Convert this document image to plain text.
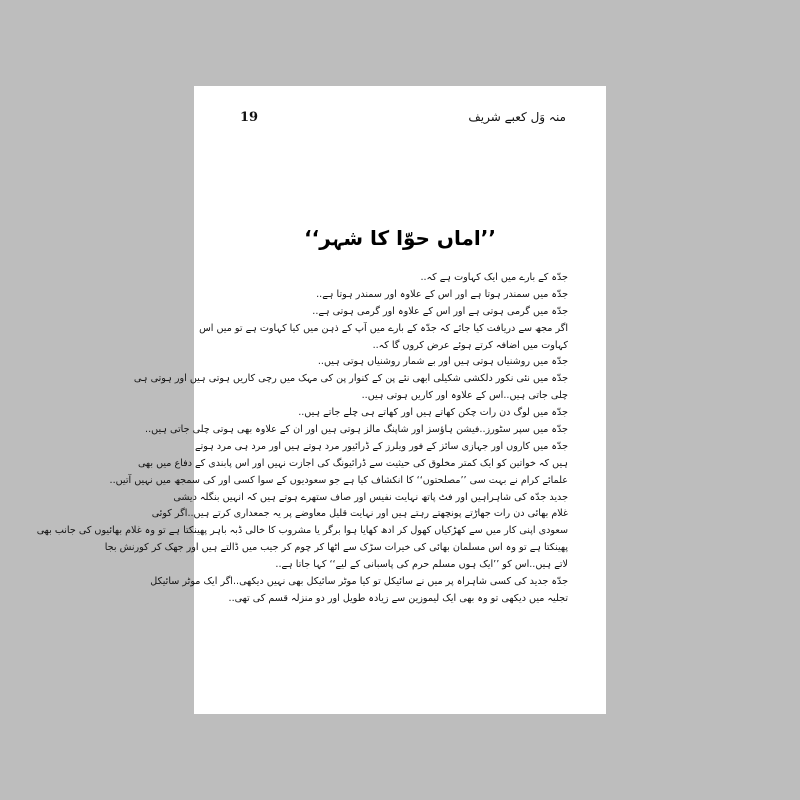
19	منہ وَل کعبے شریف
’’اماں حوّا کا شہر‘‘
جدّہ کے بارے میں ایک کہاوت ہے کہ..
جدّہ میں سمندر ہوتا ہے اور اس کے علاوہ اور سمندر ہوتا ہے..
جدّہ میں گرمی ہوتی ہے اور اس کے علاوہ اور گرمی ہوتی ہے..
اگر مجھ سے دریافت کیا جائے کہ جدّہ کے بارے میں آپ کے ذہن میں کیا کہاوت ہے تو میں اس
کہاوت میں اضافہ کرتے ہوئے عرض کروں گا کہ..
جدّہ میں روشنیاں ہوتی ہیں اور بے شمار روشنیاں ہوتی ہیں..
جدّہ میں نئی نکور دلکشی شکیلی ابھی نئے پن کے کنوار پن کی مہک میں رچی کاریں ہوتی ہیں اور ہوتی ہی
چلی جاتی ہیں..اس کے علاوہ اور کاریں ہوتی ہیں..
جدّہ میں لوگ دن رات چکن کھاتے ہیں اور کھاتے ہی چلے جاتے ہیں..
جدّہ میں سپر سٹورز..فیشن ہاؤسز اور شاپنگ مالز ہوتی ہیں اور ان کے علاوہ بھی ہوتی چلی جاتی ہیں..
جدّہ میں کاروں اور جہازی سائز کے فور ویلرز کے ڈرائیور مرد ہوتے ہیں اور مرد ہی مرد ہوتے
ہیں کہ خواتین کو ایک کمتر مخلوق کی حیثیت سے ڈرائیونگ کی اجازت نہیں اور اس پابندی کے دفاع میں بھی
علمائے کرام نے بہت سی ’’مصلحتوں‘‘ کا انکشاف کیا ہے جو سعودیوں کے سوا کسی اور کی سمجھ میں نہیں آتیں..
جدید جدّہ کی شاہراہیں اور فٹ پاتھ نہایت نفیس اور صاف ستھرے ہوتے ہیں کہ انہیں بنگلہ دیشی
غلام بھائی دن رات جھاڑتے پونچھتے رہتے ہیں اور نہایت قلیل معاوضے پر یہ جمعداری کرتے ہیں..اگر کوئی
سعودی اپنی کار میں سے کھڑکیاں کھول کر ادھ کھایا ہوا برگر یا مشروب کا خالی ڈبہ باہر پھینکتا ہے تو وہ غلام بھائیوں کی جانب بھی
پھینکتا ہے تو وہ اس مسلمان بھائی کی خیرات سڑک سے اٹھا کر چوم کر جیب میں ڈالتے ہیں اور جھک کر کورنش بجا
لاتے ہیں..اس کو ’’ایک ہوں مسلم حرم کی پاسبانی کے لیے‘‘ کہا جاتا ہے..
جدّہ جدید کی کسی شاہراہ پر میں نے سائیکل تو کیا موٹر سائیکل بھی نہیں دیکھی..اگر ایک موٹر سائیکل
تجلیہ میں دیکھی تو وہ بھی ایک لیموزین سے زیادہ طویل اور دو منزلہ قسم کی تھی..
